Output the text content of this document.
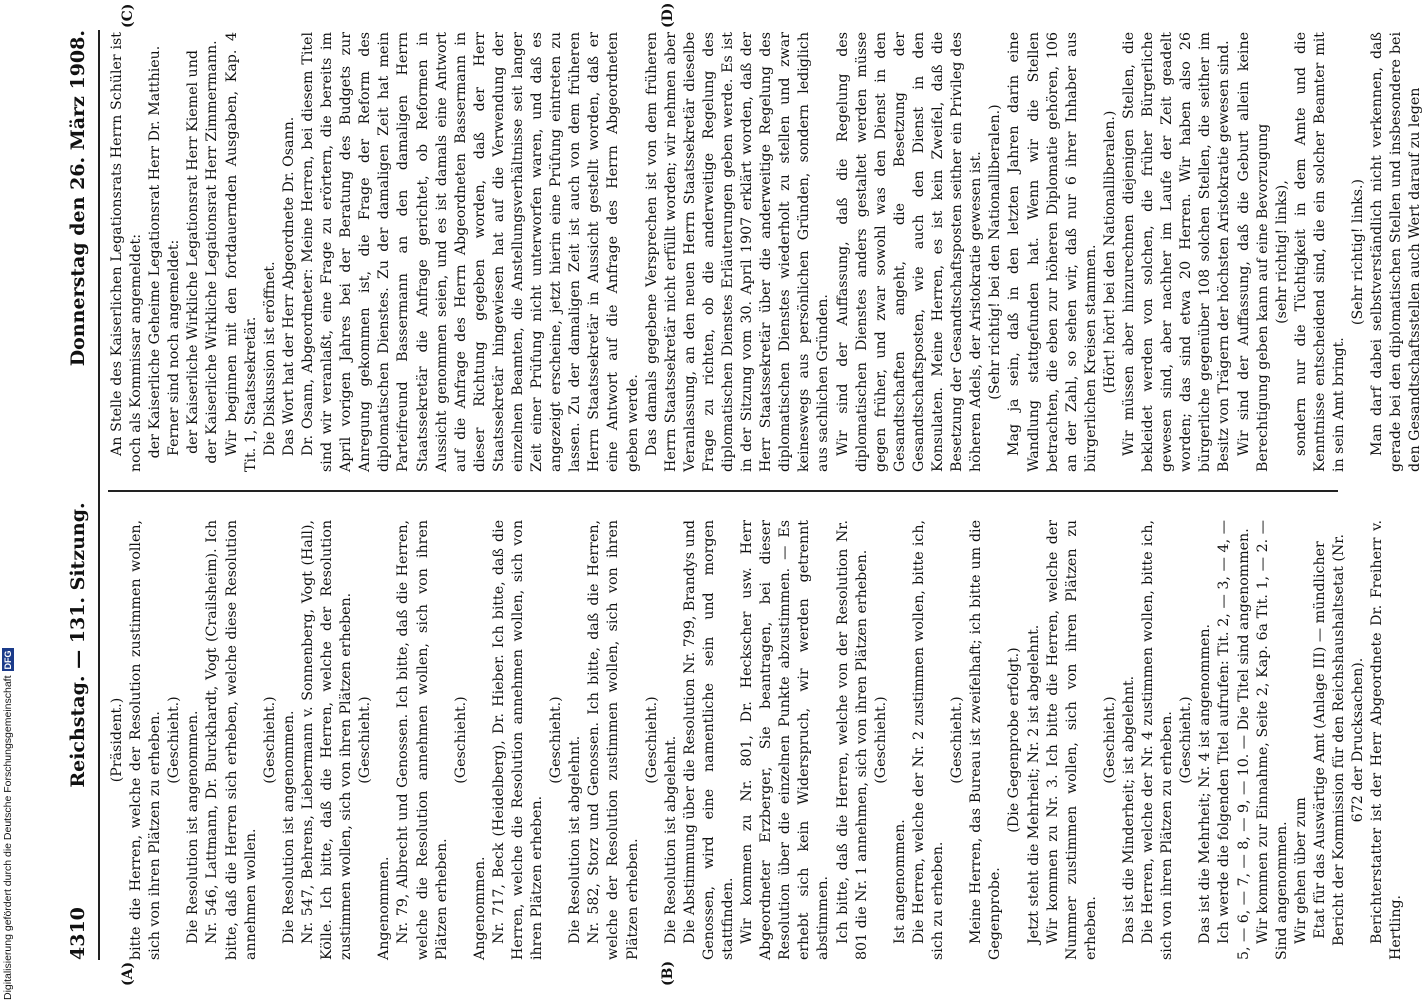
4310
Reichstag. — 131. Sitzung.
Donnerstag den 26. März 1908.

(Präsident.) bitte die Herren, welche der Resolution zustimmen wollen, sich von ihren Plätzen zu erheben. (Geschieht.) Die Resolution ist angenommen. Nr. 546, Lattmann, Dr. Burckhardt, Vogt (Crailsheim). Ich bitte, daß die Herren sich erheben, welche diese Resolution annehmen wollen.

(Geschieht.) Die Resolution ist angenommen. Nr. 547, Behrens, Liebermann v. Sonnenberg, Vogt (Hall), Kölle. Ich bitte, daß die Herren, welche der Resolution zustimmen wollen, sich von ihren Plätzen erheben. (Geschieht.)

Angenommen. Nr. 79, Albrecht und Genossen. Ich bitte, daß die Herren, welche die Resolution annehmen wollen, sich von ihren Plätzen erheben.

(Geschieht.)

Angenommen. Nr. 717, Beck (Heidelberg), Dr. Hieber. Ich bitte, daß die Herren, welche die Resolution annehmen wollen, sich von ihren Plätzen erheben.

(Geschieht.) Die Resolution ist abgelehnt. Nr. 582, Storz und Genossen. Ich bitte, daß die Herren, welche der Resolution zustimmen wollen, sich von ihren Plätzen erheben.

(Geschieht.) Die Resolution ist abgelehnt. Die Abstimmung über die Resolution Nr. 799, Brandys und Genossen, wird eine namentliche sein und morgen stattfinden. Wir kommen zu Nr. 801, Dr. Heckscher usw. Herr Abgeordneter Erzberger, Sie beantragen, bei dieser Resolution über die einzelnen Punkte abzustimmen. — Es erhebt sich kein Widerspruch, wir werden getrennt abstimmen. Ich bitte, daß die Herren, welche von der Resolution Nr. 801 die Nr. 1 annehmen, sich von ihren Plätzen erheben. (Geschieht.)

Ist angenommen. Die Herren, welche der Nr. 2 zustimmen wollen, bitte ich, sich zu erheben.

(Geschieht.) Meine Herren, das Bureau ist zweifelhaft; ich bitte um die Gegenprobe.

(Die Gegenprobe erfolgt.) Jetzt steht die Mehrheit; Nr. 2 ist abgelehnt. Wir kommen zu Nr. 3. Ich bitte die Herren, welche der Nummer zustimmen wollen, sich von ihren Plätzen zu erheben.

(Geschieht.) Das ist die Minderheit; ist abgelehnt. Die Herren, welche der Nr. 4 zustimmen wollen, bitte ich, sich von ihren Plätzen zu erheben. (Geschieht.) Das ist die Mehrheit; Nr. 4 ist angenommen. Ich werde die folgenden Titel aufrufen: Tit. 2, — 3, — 4, — 5, — 6, — 7, — 8, — 9, — 10. — Die Titel sind angenommen. Wir kommen zur Einnahme, Seite 2, Kap. 6a Tit. 1, — 2. — Sind angenommen. Wir gehen über zum Etat für das Auswärtige Amt (Anlage III) — mündlicher Bericht der Kommission für den Reichshaushaltsetat (Nr. 672 der Drucksachen). Berichterstatter ist der Herr Abgeordnete Dr. Freiherr v. Hertling.

An Stelle des Kaiserlichen Legationsrats Herrn Schüler ist noch als Kommissar angemeldet: der Kaiserliche Geheime Legationsrat Herr Dr. Matthieu. Ferner sind noch angemeldet: der Kaiserliche Wirkliche Legationsrat Herr Kiemel und der Kaiserliche Wirkliche Legationsrat Herr Zimmermann. Wir beginnen mit den fortdauernden Ausgaben, Kap. 4 Tit. 1, Staatssekretär. Die Diskussion ist eröffnet. Das Wort hat der Herr Abgeordnete Dr. Osann. Dr. Osann, Abgeordneter: Meine Herren, bei diesem Titel sind wir veranlaßt, eine Frage zu erörtern, die bereits im April vorigen Jahres bei der Beratung des Budgets zur Anregung gekommen ist, die Frage der Reform des diplomatischen Dienstes. Zu der damaligen Zeit hat mein Parteifreund Bassermann an den damaligen Herrn Staatssekretär die Anfrage gerichtet, ob Reformen in Aussicht genommen seien, und es ist damals eine Antwort auf die Anfrage des Herrn Abgeordneten Bassermann in dieser Richtung gegeben worden, daß der Herr Staatssekretär hingewiesen hat auf die Verwendung der einzelnen Beamten, die Anstellungsverhältnisse seit langer Zeit einer Prüfung nicht unterworfen waren, und daß es angezeigt erscheine, jetzt hierin eine Prüfung eintreten zu lassen. Zu der damaligen Zeit ist auch von dem früheren Herrn Staatssekretär in Aussicht gestellt worden, daß er eine Antwort auf die Anfrage des Herrn Abgeordneten geben werde. Das damals gegebene Versprechen ist von dem früheren Herrn Staatssekretär nicht erfüllt worden; wir nehmen aber Veranlassung, an den neuen Herrn Staatssekretär dieselbe Frage zu richten, ob die anderweitige Regelung des diplomatischen Dienstes Erläuterungen geben werde. Es ist in der Sitzung vom 30. April 1907 erklärt worden, daß der Herr Staatssekretär über die anderweitige Regelung des diplomatischen Dienstes wiederholt zu stellen und zwar keineswegs aus persönlichen Gründen, sondern lediglich aus sachlichen Gründen. Wir sind der Auffassung, daß die Regelung des diplomatischen Dienstes anders gestaltet werden müsse gegen früher, und zwar sowohl was den Dienst in den Gesandtschaften angeht, die Besetzung der Gesandtschaftsposten, wie auch den Dienst in den Konsulaten. Meine Herren, es ist kein Zweifel, daß die Besetzung der Gesandtschaftsposten seither ein Privileg des höheren Adels, der Aristokratie gewesen ist. (Sehr richtig! bei den Nationalliberalen.) Mag ja sein, daß in den letzten Jahren darin eine Wandlung stattgefunden hat. Wenn wir die Stellen betrachten, die eben zur höheren Diplomatie gehören, 106 an der Zahl, so sehen wir, daß nur 6 ihrer Inhaber aus bürgerlichen Kreisen stammen. (Hört! hört! bei den Nationalliberalen.) Wir müssen aber hinzurechnen diejenigen Stellen, die bekleidet werden von solchen, die früher Bürgerliche gewesen sind, aber nachher im Laufe der Zeit geadelt worden; das sind etwa 20 Herren. Wir haben also 26 bürgerliche gegenüber 108 solchen Stellen, die seither im Besitz von Trägern der höchsten Aristokratie gewesen sind. Wir sind der Auffassung, daß die Geburt allein keine Berechtigung geben kann auf eine Bevorzugung (sehr richtig! links), sondern nur die Tüchtigkeit in dem Amte und die Kenntnisse entscheidend sind, die ein solcher Beamter mit in sein Amt bringt.

(Sehr richtig! links.) Man darf dabei selbstverständlich nicht verkennen, daß gerade bei den diplomatischen Stellen und insbesondere bei den Gesandtschaftsstellen auch Wert darauf zu legen

(A)	(B)
(C)	(D)
Digitalisierung gefördert durch die Deutsche ForschungsgemeinschaftDFG
